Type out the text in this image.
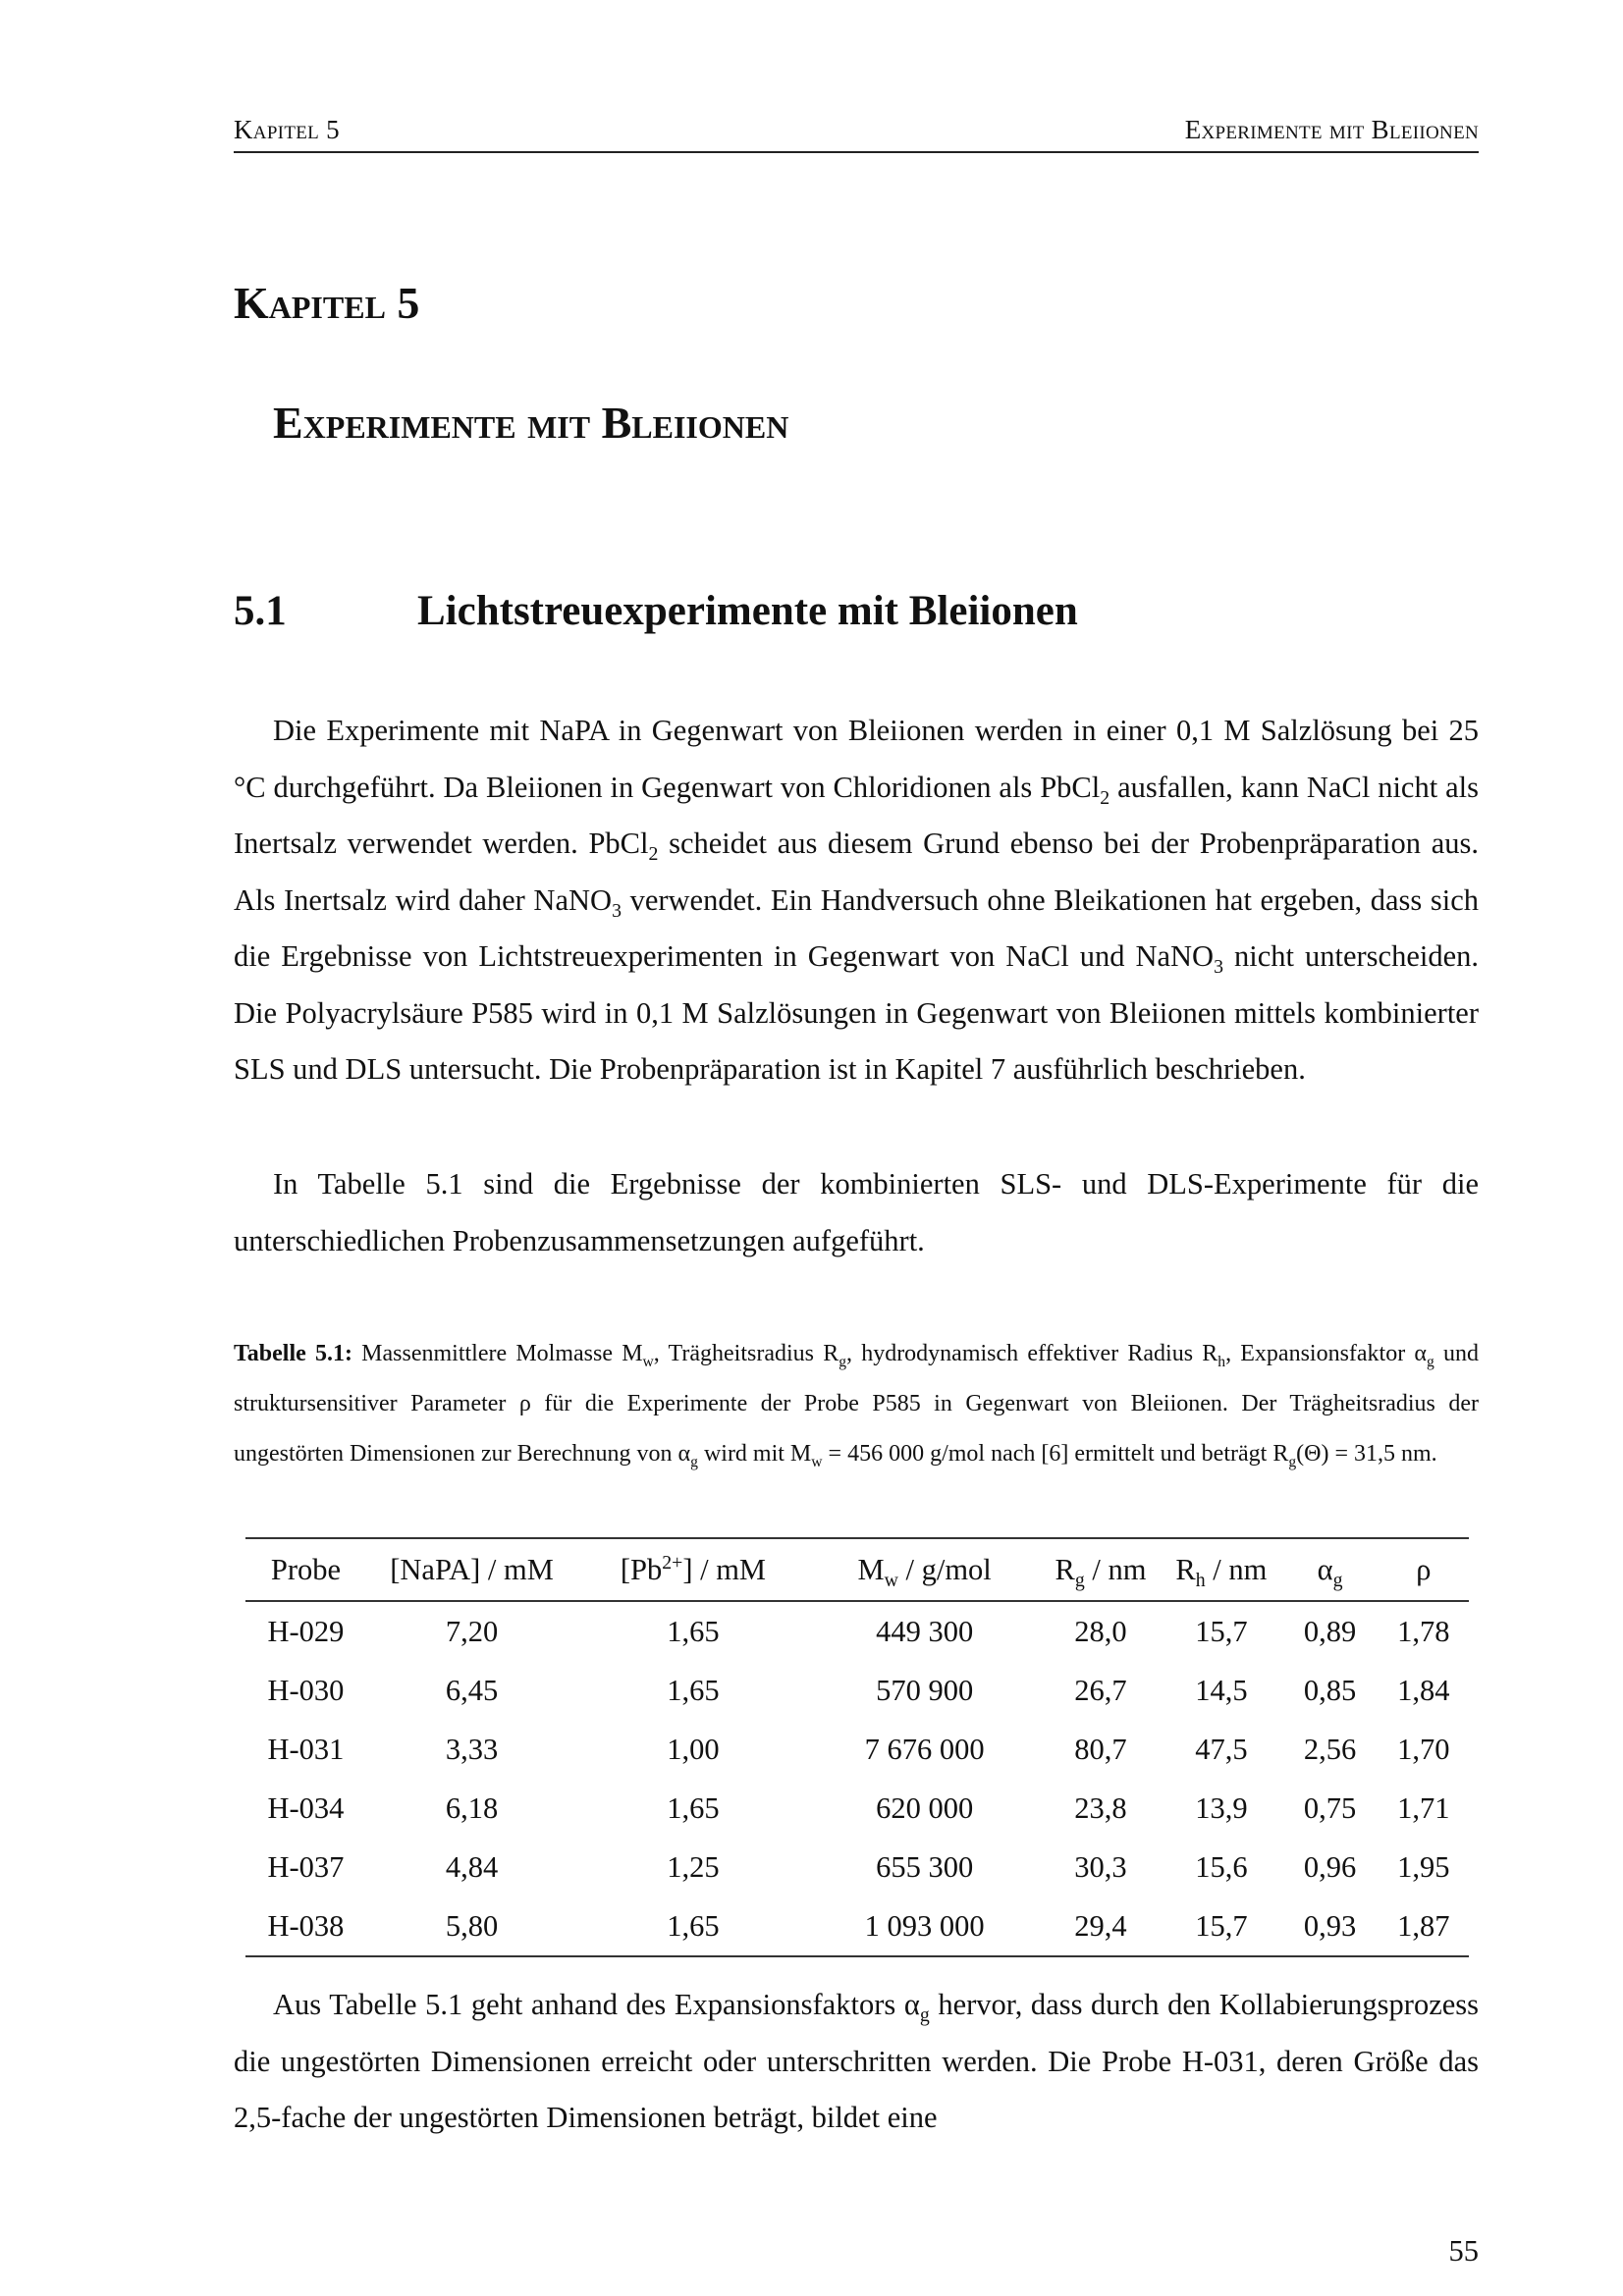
Kapitel 5	Experimente mit Bleiionen
Kapitel 5
Experimente mit Bleiionen
5.1	Lichtstreuexperimente mit Bleiionen

Die Experimente mit NaPA in Gegenwart von Bleiionen werden in einer 0,1 M Salzlösung bei 25 °C durchgeführt. Da Bleiionen in Gegenwart von Chloridionen als PbCl$_2$ ausfallen, kann NaCl nicht als Inertsalz verwendet werden. PbCl$_2$ scheidet aus diesem Grund ebenso bei der Probenpräparation aus. Als Inertsalz wird daher NaNO$_3$ verwendet. Ein Handversuch ohne Bleikationen hat ergeben, dass sich die Ergebnisse von Lichtstreuexperimenten in Gegenwart von NaCl und NaNO$_3$ nicht unterscheiden. Die Polyacrylsäure P585 wird in 0,1 M Salzlösungen in Gegenwart von Bleiionen mittels kombinierter SLS und DLS untersucht. Die Probenpräparation ist in Kapitel 7 ausführlich beschrieben.

In Tabelle 5.1 sind die Ergebnisse der kombinierten SLS- und DLS-Experimente für die unterschiedlichen Probenzusammensetzungen aufgeführt.

Tabelle 5.1: Massenmittlere Molmasse $M_w$, Trägheitsradius $R_g$, hydrodynamisch effektiver Radius $R_h$, Expansionsfaktor $\alpha_g$ und struktursensitiver Parameter ρ für die Experimente der Probe P585 in Gegenwart von Bleiionen. Der Trägheitsradius der ungestörten Dimensionen zur Berechnung von $\alpha_g$ wird mit $M_w = 456$ 000 g/mol nach [6] ermittelt und beträgt $R_g(\Theta) = 31,5$ nm.
Probe	[NaPA] / mM	$[Pb^{2+}]$ / mM	$M_w / g/mol$	$R_g$ / nm	$R_h$ / nm	$\alpha_g$	ρ
H-029	7,20	1,65	449 300	28,0	15,7	0,89	1,78
H-030	6,45	1,65	570 900	26,7	14,5	0,85	1,84
H-031	3,33	1,00	7 676 000	80,7	47,5	2,56	1,70
H-034	6,18	1,65	620 000	23,8	13,9	0,75	1,71
H-037	4,84	1,25	655 300	30,3	15,6	0,96	1,95
H-038	5,80	1,65	1 093 000	29,4	15,7	0,93	1,87

Aus Tabelle 5.1 geht anhand des Expansionsfaktors $\alpha_g$ hervor, dass durch den Kollabierungsprozess die ungestörten Dimensionen erreicht oder unterschritten werden. Die Probe H-031, deren Größe das 2,5-fache der ungestörten Dimensionen beträgt, bildet eine

55
